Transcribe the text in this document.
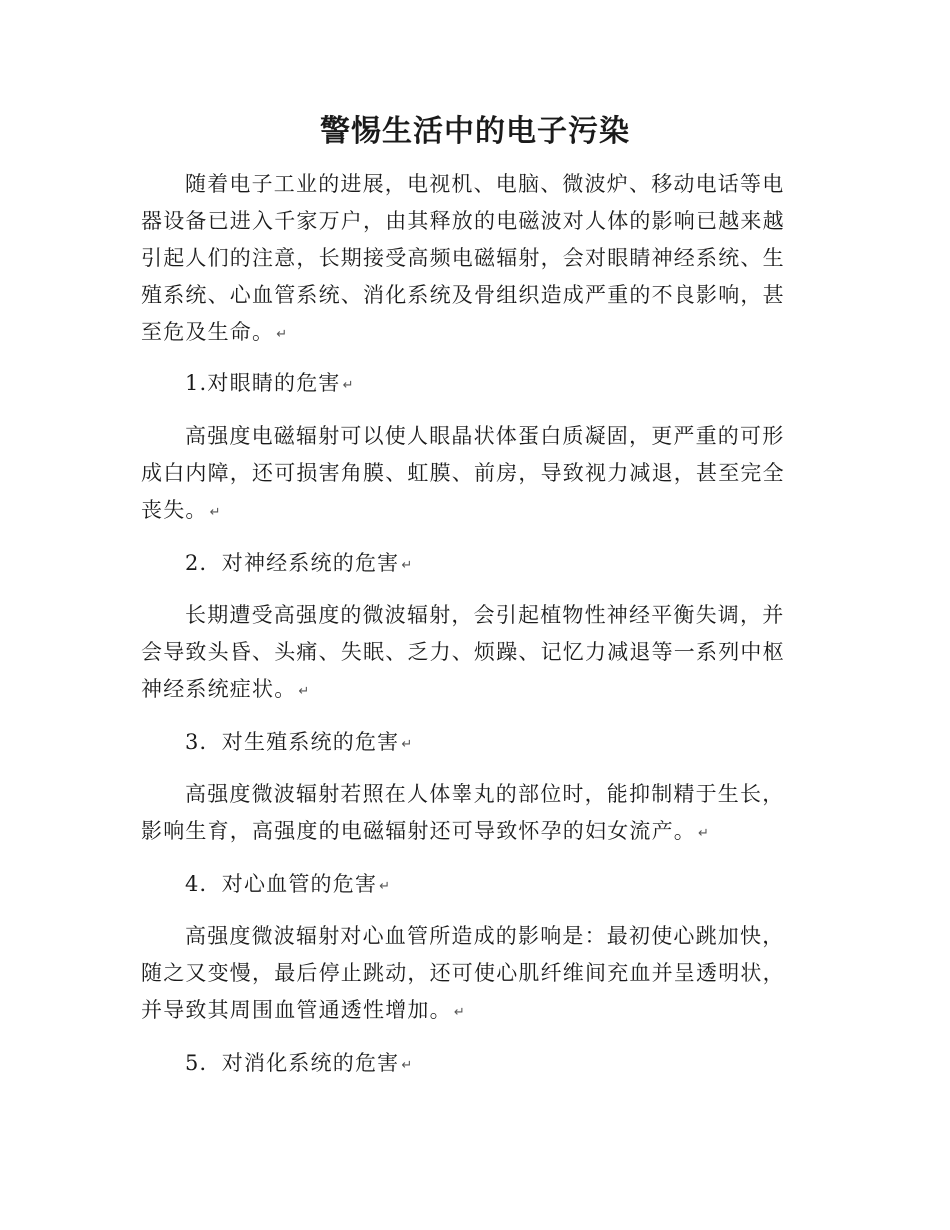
警惕生活中的电子污染

随着电子工业的进展，电视机、电脑、微波炉、移动电话等电器设备已进入千家万户，由其释放的电磁波对人体的影响已越来越引起人们的注意，长期接受高频电磁辐射，会对眼睛神经系统、生殖系统、心血管系统、消化系统及骨组织造成严重的不良影响，甚至危及生命。 ↵

1.对眼睛的危害 ↵

高强度电磁辐射可以使人眼晶状体蛋白质凝固，更严重的可形成白内障，还可损害角膜、虹膜、前房，导致视力减退，甚至完全丧失。 ↵

2．对神经系统的危害 ↵

长期遭受高强度的微波辐射，会引起植物性神经平衡失调，并会导致头昏、头痛、失眠、乏力、烦躁、记忆力减退等一系列中枢神经系统症状。 ↵

3．对生殖系统的危害 ↵

高强度微波辐射若照在人体睾丸的部位时，能抑制精于生长，影响生育，高强度的电磁辐射还可导致怀孕的妇女流产。 ↵

4．对心血管的危害 ↵

高强度微波辐射对心血管所造成的影响是：最初使心跳加快，随之又变慢，最后停止跳动，还可使心肌纤维间充血并呈透明状，并导致其周围血管通透性增加。 ↵

5．对消化系统的危害 ↵
